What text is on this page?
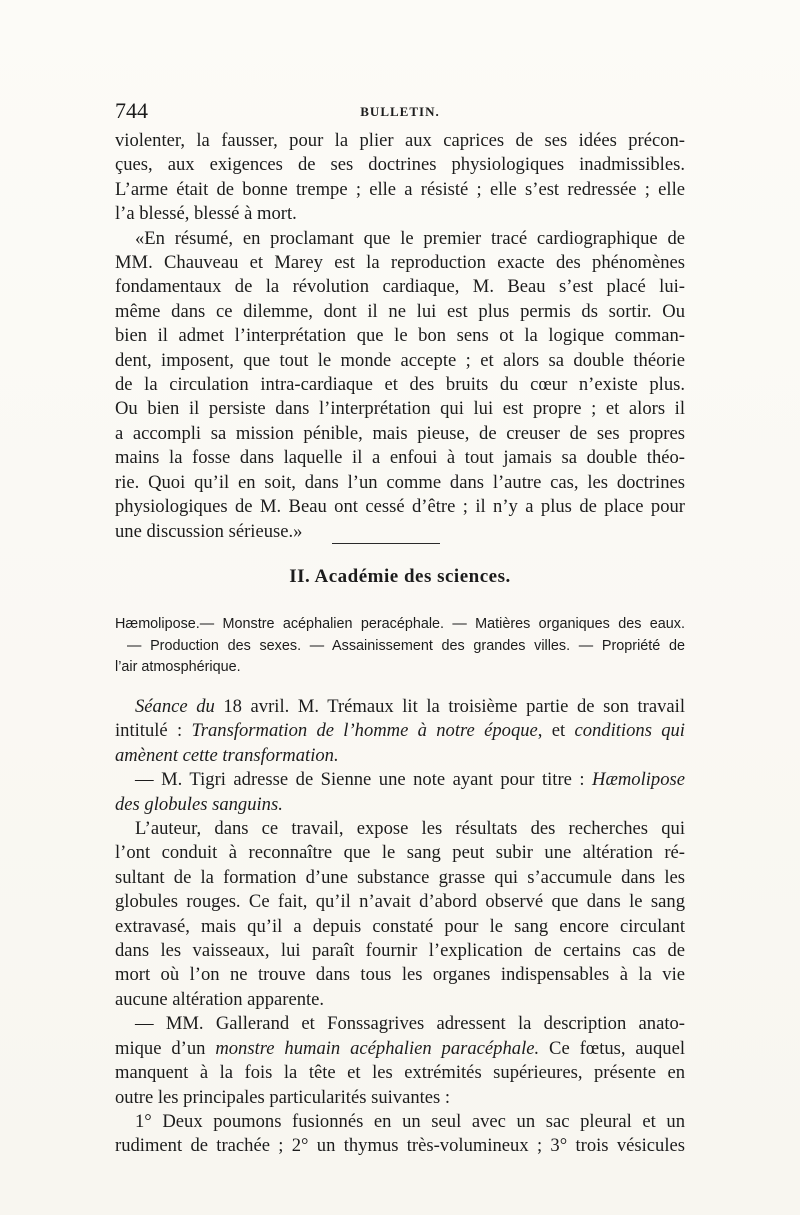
744	BULLETIN.
violenter, la fausser, pour la plier aux caprices de ses idées précon-
çues, aux exigences de ses doctrines physiologiques inadmissibles.
L’arme était de bonne trempe ; elle a résisté ; elle s’est redressée ; elle
l’a blessé, blessé à mort.
«En résumé, en proclamant que le premier tracé cardiographique de
MM. Chauveau et Marey est la reproduction exacte des phénomènes
fondamentaux de la révolution cardiaque, M. Beau s’est placé lui-
même dans ce dilemme, dont il ne lui est plus permis ds sortir. Ou
bien il admet l’interprétation que le bon sens ot la logique comman-
dent, imposent, que tout le monde accepte ; et alors sa double théorie
de la circulation intra-cardiaque et des bruits du cœur n’existe plus.
Ou bien il persiste dans l’interprétation qui lui est propre ; et alors il
a accompli sa mission pénible, mais pieuse, de creuser de ses propres
mains la fosse dans laquelle il a enfoui à tout jamais sa double théo-
rie. Quoi qu’il en soit, dans l’un comme dans l’autre cas, les doctrines
physiologiques de M. Beau ont cessé d’être ; il n’y a plus de place pour
une discussion sérieuse.»
II. Académie des sciences.
Hæmolipose.— Monstre acéphalien peracéphale. — Matières organiques des eaux.
— Production des sexes. — Assainissement des grandes villes. — Propriété de
l’air atmosphérique.
Séance du 18 avril. M. Trémaux lit la troisième partie de son travail
intitulé : Transformation de l’homme à notre époque, et conditions qui
amènent cette transformation.
— M. Tigri adresse de Sienne une note ayant pour titre : Hæmolipose
des globules sanguins.
L’auteur, dans ce travail, expose les résultats des recherches qui
l’ont conduit à reconnaître que le sang peut subir une altération ré-
sultant de la formation d’une substance grasse qui s’accumule dans les
globules rouges. Ce fait, qu’il n’avait d’abord observé que dans le sang
extravasé, mais qu’il a depuis constaté pour le sang encore circulant
dans les vaisseaux, lui paraît fournir l’explication de certains cas de
mort où l’on ne trouve dans tous les organes indispensables à la vie
aucune altération apparente.
— MM. Gallerand et Fonssagrives adressent la description anato-
mique d’un monstre humain acéphalien paracéphale. Ce fœtus, auquel
manquent à la fois la tête et les extrémités supérieures, présente en
outre les principales particularités suivantes :
1° Deux poumons fusionnés en un seul avec un sac pleural et un
rudiment de trachée ; 2° un thymus très-volumineux ; 3° trois vésicules
